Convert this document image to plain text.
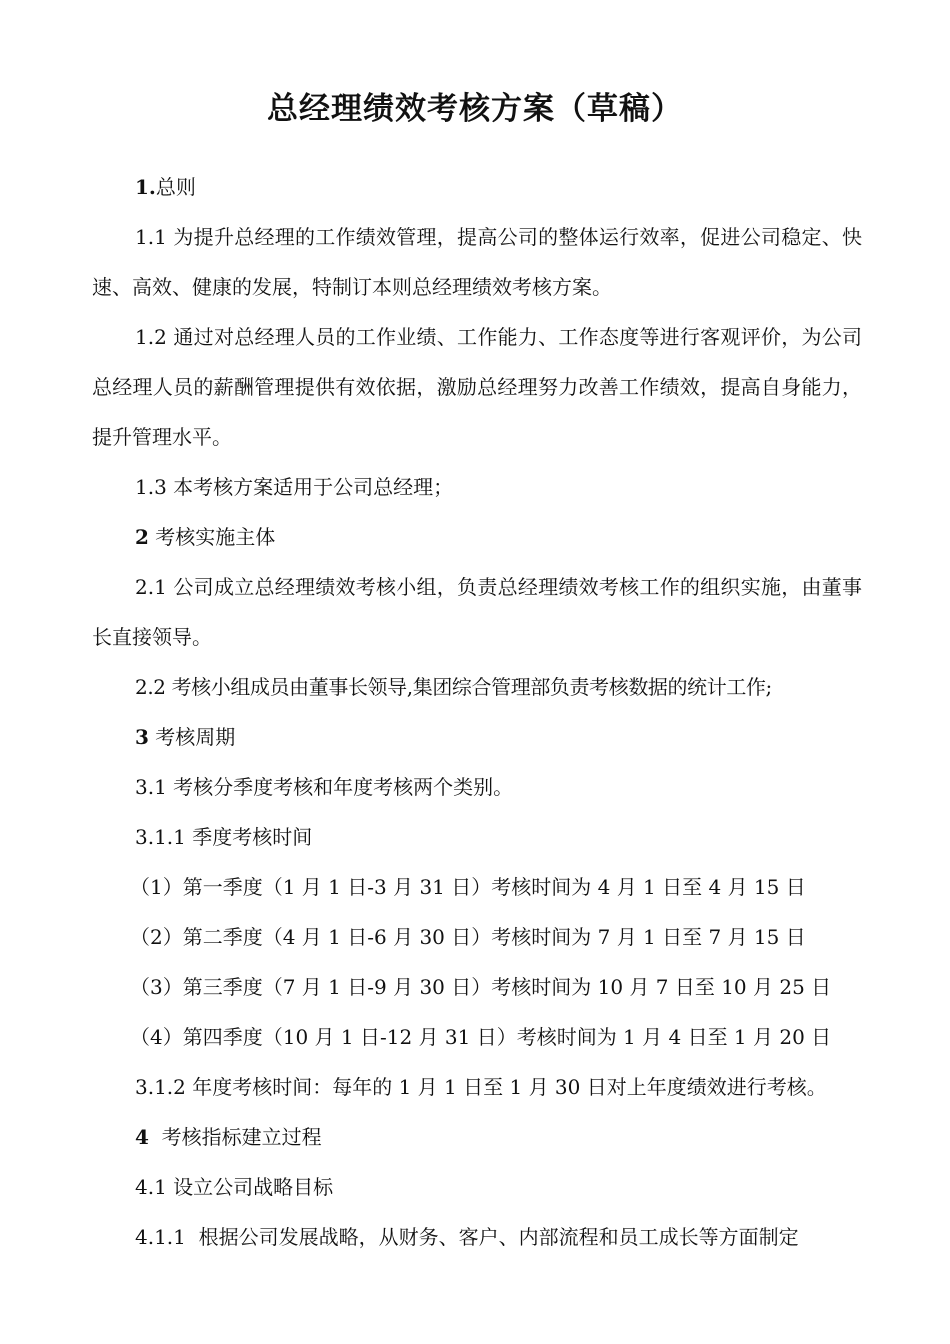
总经理绩效考核方案（草稿）

1.总则

1.1 为提升总经理的工作绩效管理，提高公司的整体运行效率，促进公司稳定、快速、高效、健康的发展，特制订本则总经理绩效考核方案。

1.2 通过对总经理人员的工作业绩、工作能力、工作态度等进行客观评价，为公司总经理人员的薪酬管理提供有效依据，激励总经理努力改善工作绩效，提高自身能力，提升管理水平。

1.3 本考核方案适用于公司总经理；

2 考核实施主体

2.1 公司成立总经理绩效考核小组，负责总经理绩效考核工作的组织实施，由董事长直接领导。

2.2 考核小组成员由董事长领导,集团综合管理部负责考核数据的统计工作;

3 考核周期

3.1 考核分季度考核和年度考核两个类别。

3.1.1 季度考核时间

（1）第一季度（1 月 1 日-3 月 31 日）考核时间为 4 月 1 日至 4 月 15 日

（2）第二季度（4 月 1 日-6 月 30 日）考核时间为 7 月 1 日至 7 月 15 日

（3）第三季度（7 月 1 日-9 月 30 日）考核时间为 10 月 7 日至 10 月 25 日

（4）第四季度（10 月 1 日-12 月 31 日）考核时间为 1 月 4 日至 1 月 20 日

3.1.2 年度考核时间：每年的 1 月 1 日至 1 月 30 日对上年度绩效进行考核。

4  考核指标建立过程

4.1 设立公司战略目标

4.1.1  根据公司发展战略，从财务、客户、内部流程和员工成长等方面制定
